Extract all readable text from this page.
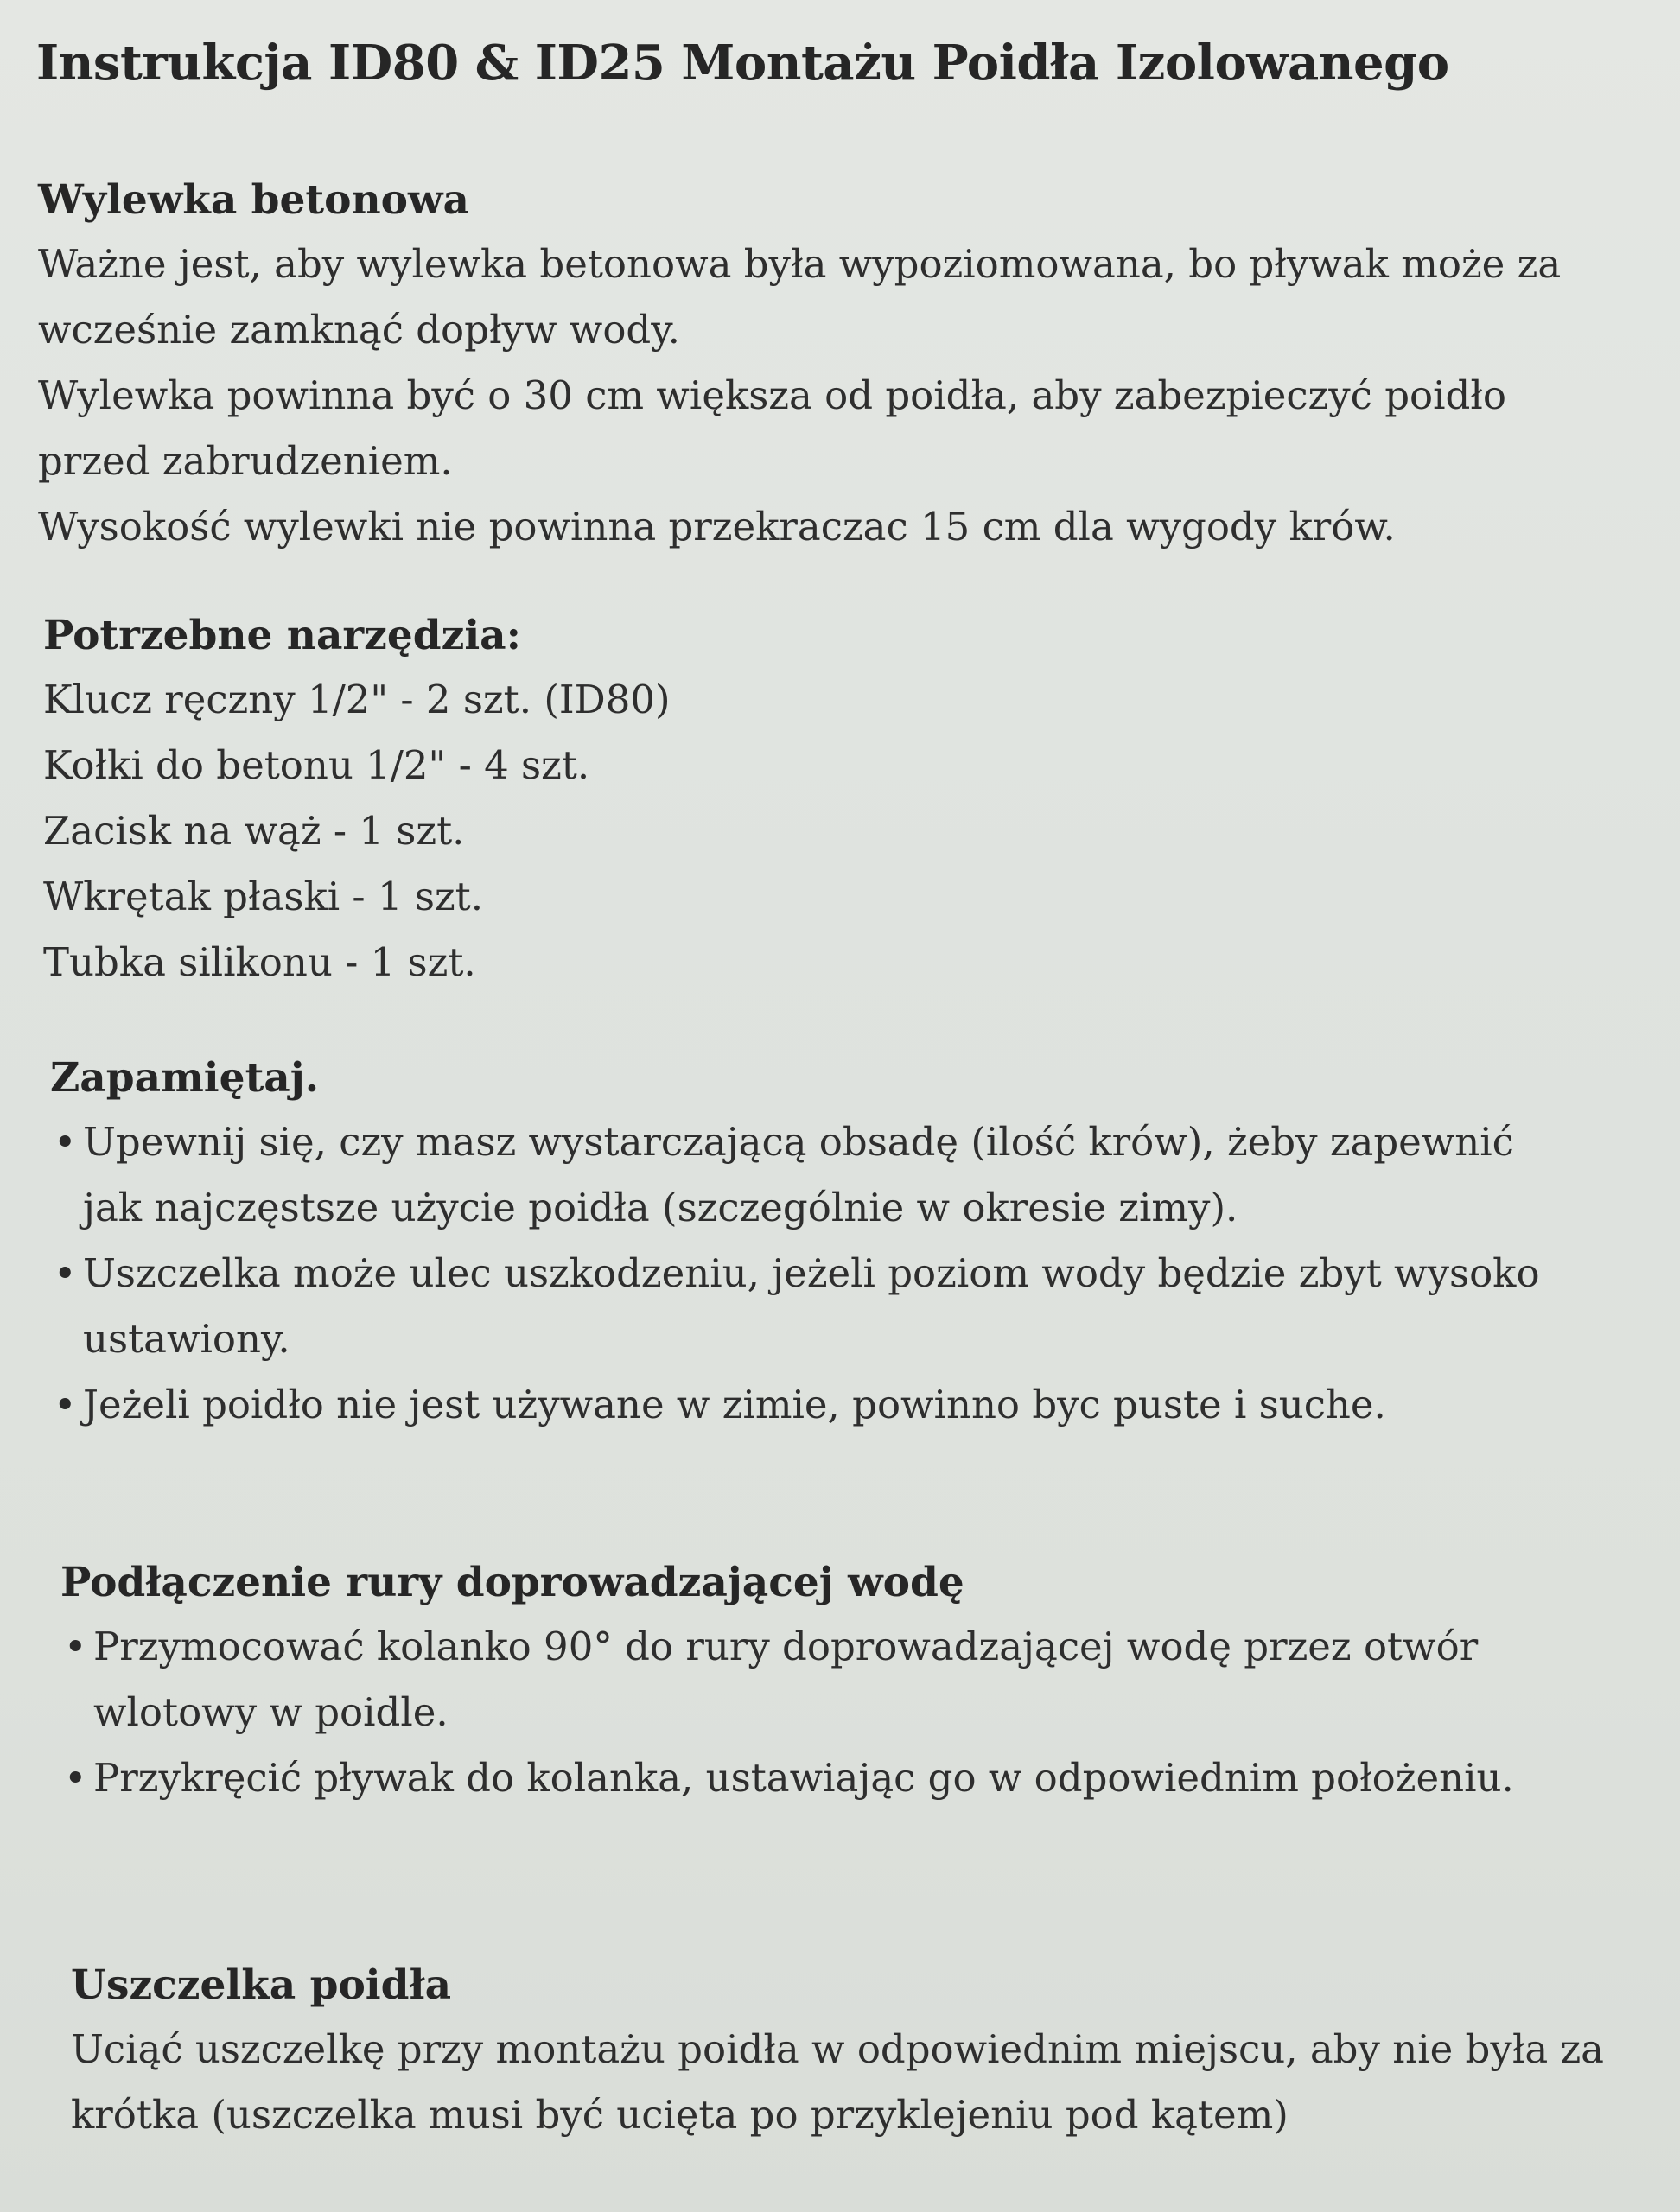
Instrukcja ID80 & ID25 Montażu Poidła Izolowanego
Wylewka betonowa
Ważne jest, aby wylewka betonowa była wypoziomowana, bo pływak może za
wcześnie zamknąć dopływ wody.
Wylewka powinna być o 30 cm większa od poidła, aby zabezpieczyć poidło
przed zabrudzeniem.
Wysokość wylewki nie powinna przekraczac 15 cm dla wygody krów.
Potrzebne narzędzia:
Klucz ręczny 1/2" - 2 szt. (ID80)
Kołki do betonu 1/2" - 4 szt.
Zacisk na wąż - 1 szt.
Wkrętak płaski - 1 szt.
Tubka silikonu - 1 szt.
Zapamiętaj.
• Upewnij się, czy masz wystarczającą obsadę (ilość krów), żeby zapewnić
jak najczęstsze użycie poidła (szczególnie w okresie zimy).
• Uszczelka może ulec uszkodzeniu, jeżeli poziom wody będzie zbyt wysoko
ustawiony.
• Jeżeli poidło nie jest używane w zimie, powinno byc puste i suche.
Podłączenie rury doprowadzającej wodę
• Przymocować kolanko 90° do rury doprowadzającej wodę przez otwór
wlotowy w poidle.
• Przykręcić pływak do kolanka, ustawiając go w odpowiednim położeniu.
Uszczelka poidła
Uciąć uszczelkę przy montażu poidła w odpowiednim miejscu, aby nie była za
krótka (uszczelka musi być ucięta po przyklejeniu pod kątem)
